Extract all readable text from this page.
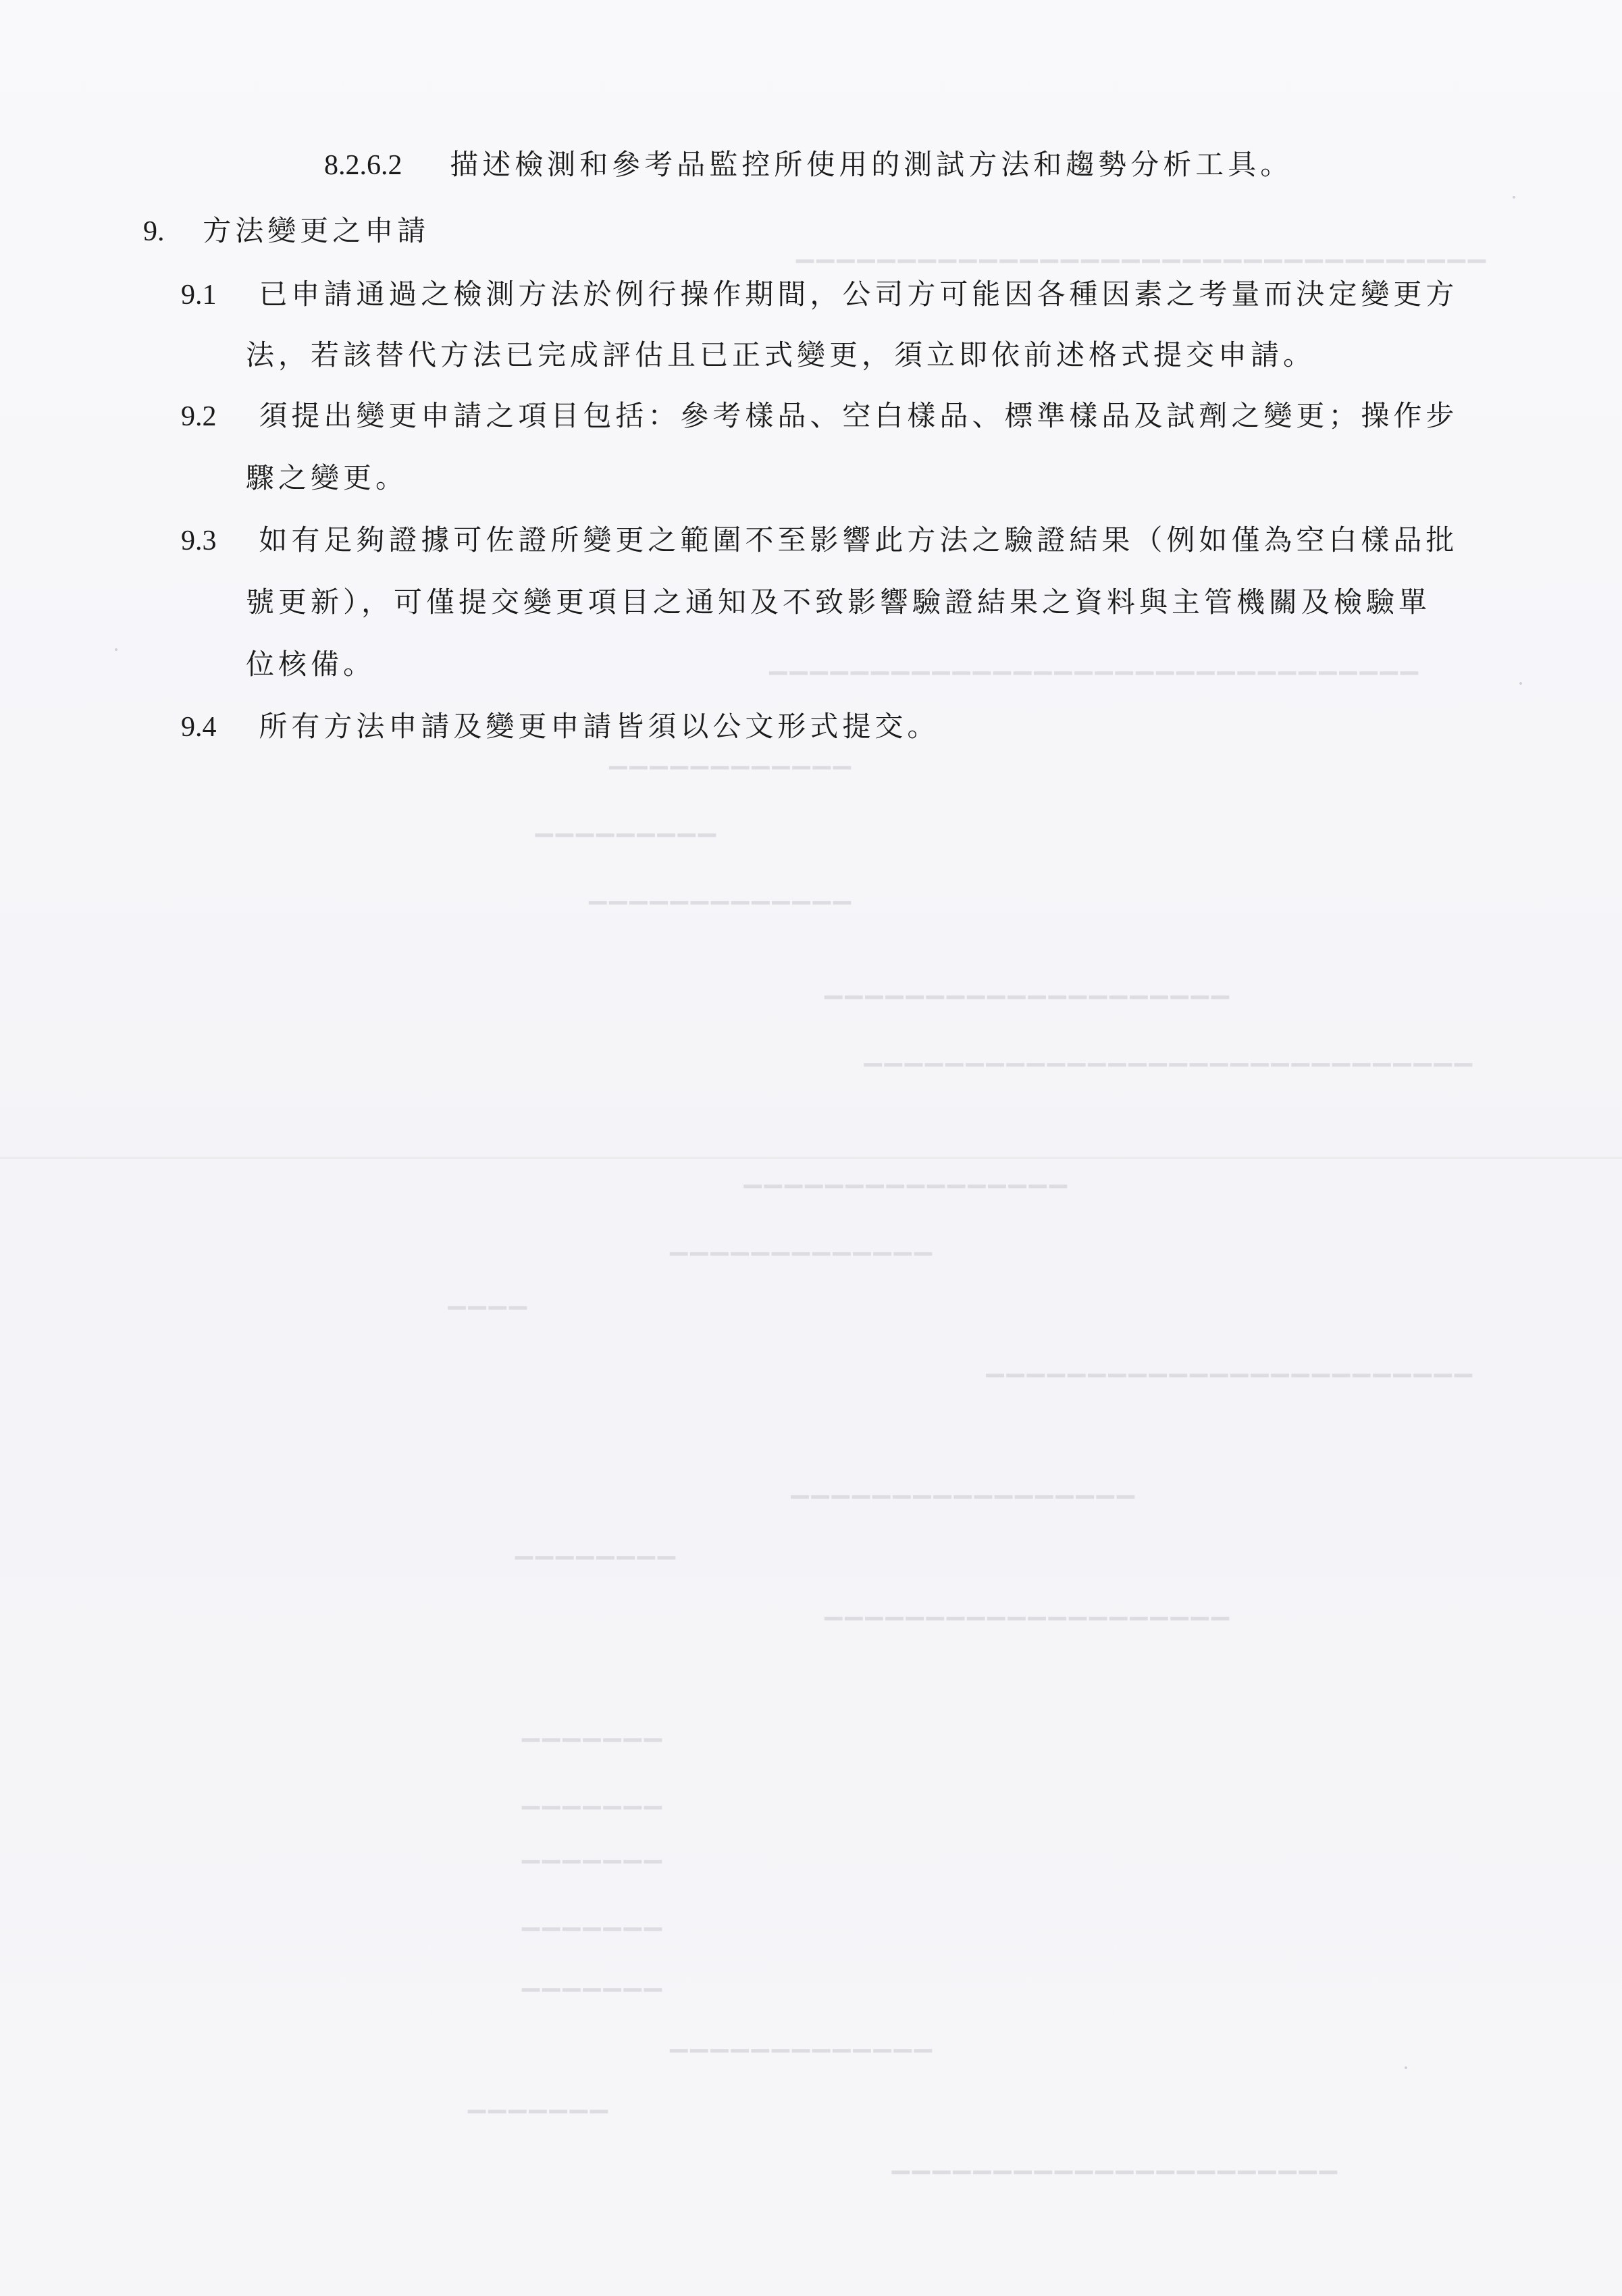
▁▁▁▁▁▁▁▁▁▁▁▁▁▁▁▁▁▁▁▁▁▁▁▁▁▁▁▁▁▁▁▁▁▁
▁▁▁▁▁▁▁▁▁▁▁▁▁▁▁▁▁▁▁▁▁▁▁▁▁▁▁▁▁▁▁▁
▁▁▁▁▁▁▁▁▁▁▁▁
▁▁▁▁▁▁▁▁▁
▁▁▁▁▁▁▁▁▁▁▁▁▁
▁▁▁▁▁▁▁▁▁▁▁▁▁▁▁▁▁▁▁▁
▁▁▁▁▁▁▁▁▁▁▁▁▁▁▁▁▁▁▁▁▁▁▁▁▁▁▁▁▁▁
▁▁▁▁▁▁▁▁▁▁▁▁▁▁▁▁
▁▁▁▁▁▁▁▁▁▁▁▁▁
▁▁▁▁
▁▁▁▁▁▁▁▁▁▁▁▁▁▁▁▁▁▁▁▁▁▁▁▁
▁▁▁▁▁▁▁▁▁▁▁▁▁▁▁▁▁
▁▁▁▁▁▁▁▁
▁▁▁▁▁▁▁▁▁▁▁▁▁▁▁▁▁▁▁▁
▁▁▁▁▁▁▁
▁▁▁▁▁▁▁
▁▁▁▁▁▁▁
▁▁▁▁▁▁▁
▁▁▁▁▁▁▁
▁▁▁▁▁▁▁▁▁▁▁▁▁
▁▁▁▁▁▁▁
▁▁▁▁▁▁▁▁▁▁▁▁▁▁▁▁▁▁▁▁▁▁
8.2.6.2 描述檢測和參考品監控所使用的測試方法和趨勢分析工具。
9. 方法變更之申請
9.1 已申請通過之檢測方法於例行操作期間，公司方可能因各種因素之考量而決定變更方
法，若該替代方法已完成評估且已正式變更，須立即依前述格式提交申請。
9.2 須提出變更申請之項目包括：參考樣品、空白樣品、標準樣品及試劑之變更；操作步
驟之變更。
9.3 如有足夠證據可佐證所變更之範圍不至影響此方法之驗證結果（例如僅為空白樣品批
號更新），可僅提交變更項目之通知及不致影響驗證結果之資料與主管機關及檢驗單
位核備。
9.4 所有方法申請及變更申請皆須以公文形式提交。
